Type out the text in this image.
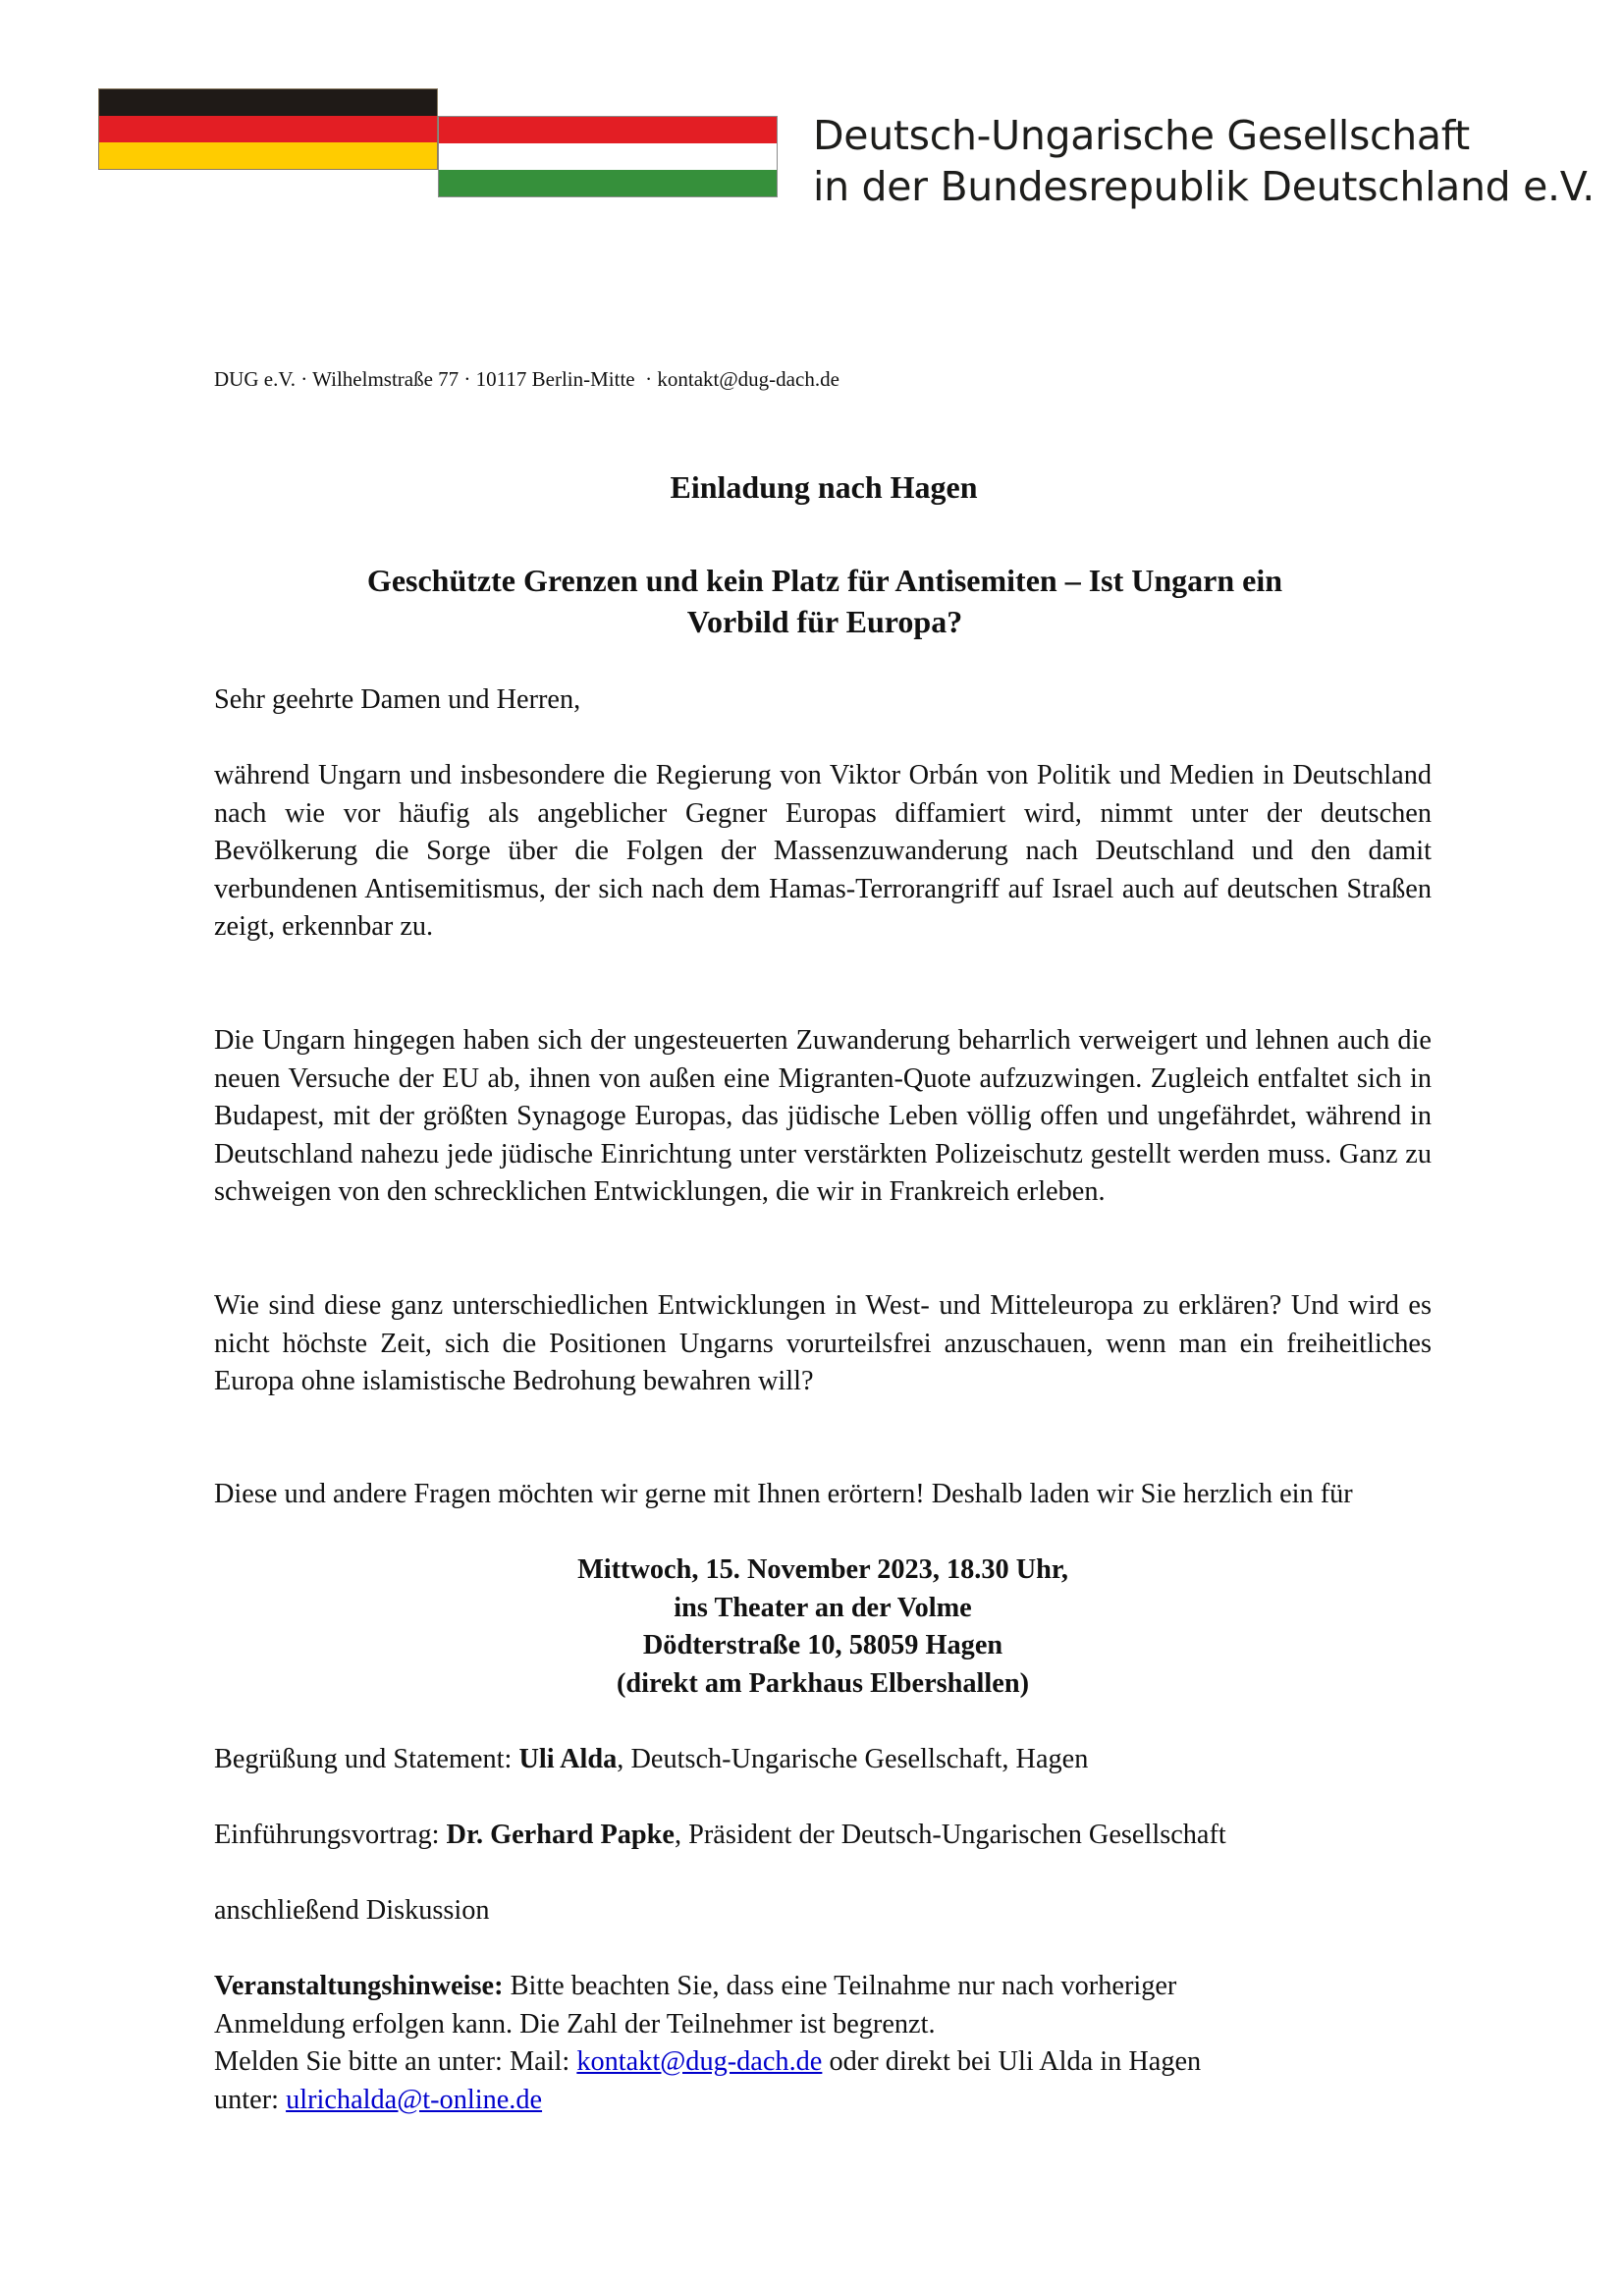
Deutsch-Ungarische Gesellschaft
in der Bundesrepublik Deutschland e.V.
DUG e.V. · Wilhelmstraße 77 · 10117 Berlin-Mitte  · kontakt@dug-dach.de
Einladung nach Hagen
Geschützte Grenzen und kein Platz für Antisemiten – Ist Ungarn ein
Vorbild für Europa?

Sehr geehrte Damen und Herren,

während Ungarn und insbesondere die Regierung von Viktor Orbán von Politik und Medien in Deutschland nach wie vor häufig als angeblicher Gegner Europas diffamiert wird, nimmt unter der deutschen Bevölkerung die Sorge über die Folgen der Massenzuwanderung nach Deutschland und den damit verbundenen Antisemitismus, der sich nach dem Hamas-Terrorangriff auf Israel auch auf deutschen Straßen zeigt, erkennbar zu.

Die Ungarn hingegen haben sich der ungesteuerten Zuwanderung beharrlich verweigert und lehnen auch die neuen Versuche der EU ab, ihnen von außen eine Migranten-Quote aufzuzwingen. Zugleich entfaltet sich in Budapest, mit der größten Synagoge Europas, das jüdische Leben völlig offen und ungefährdet, während in Deutschland nahezu jede jüdische Einrichtung unter verstärkten Polizeischutz gestellt werden muss. Ganz zu schweigen von den schrecklichen Entwicklungen, die wir in Frankreich erleben.

Wie sind diese ganz unterschiedlichen Entwicklungen in West- und Mitteleuropa zu erklären? Und wird es nicht höchste Zeit, sich die Positionen Ungarns vorurteilsfrei anzuschauen, wenn man ein freiheitliches Europa ohne islamistische Bedrohung bewahren will?

Diese und andere Fragen möchten wir gerne mit Ihnen erörtern! Deshalb laden wir Sie herzlich ein für

Mittwoch, 15. November 2023, 18.30 Uhr,
ins Theater an der Volme
Dödterstraße 10, 58059 Hagen
(direkt am Parkhaus Elbershallen)
Begrüßung und Statement: Uli Alda, Deutsch-Ungarische Gesellschaft, Hagen
Einführungsvortrag: Dr. Gerhard Papke, Präsident der Deutsch-Ungarischen Gesellschaft
anschließend Diskussion
Veranstaltungshinweise: Bitte beachten Sie, dass eine Teilnahme nur nach vorheriger
Anmeldung erfolgen kann. Die Zahl der Teilnehmer ist begrenzt.
Melden Sie bitte an unter: Mail: kontakt@dug-dach.de oder direkt bei Uli Alda in Hagen
unter: ulrichalda@t-online.de
